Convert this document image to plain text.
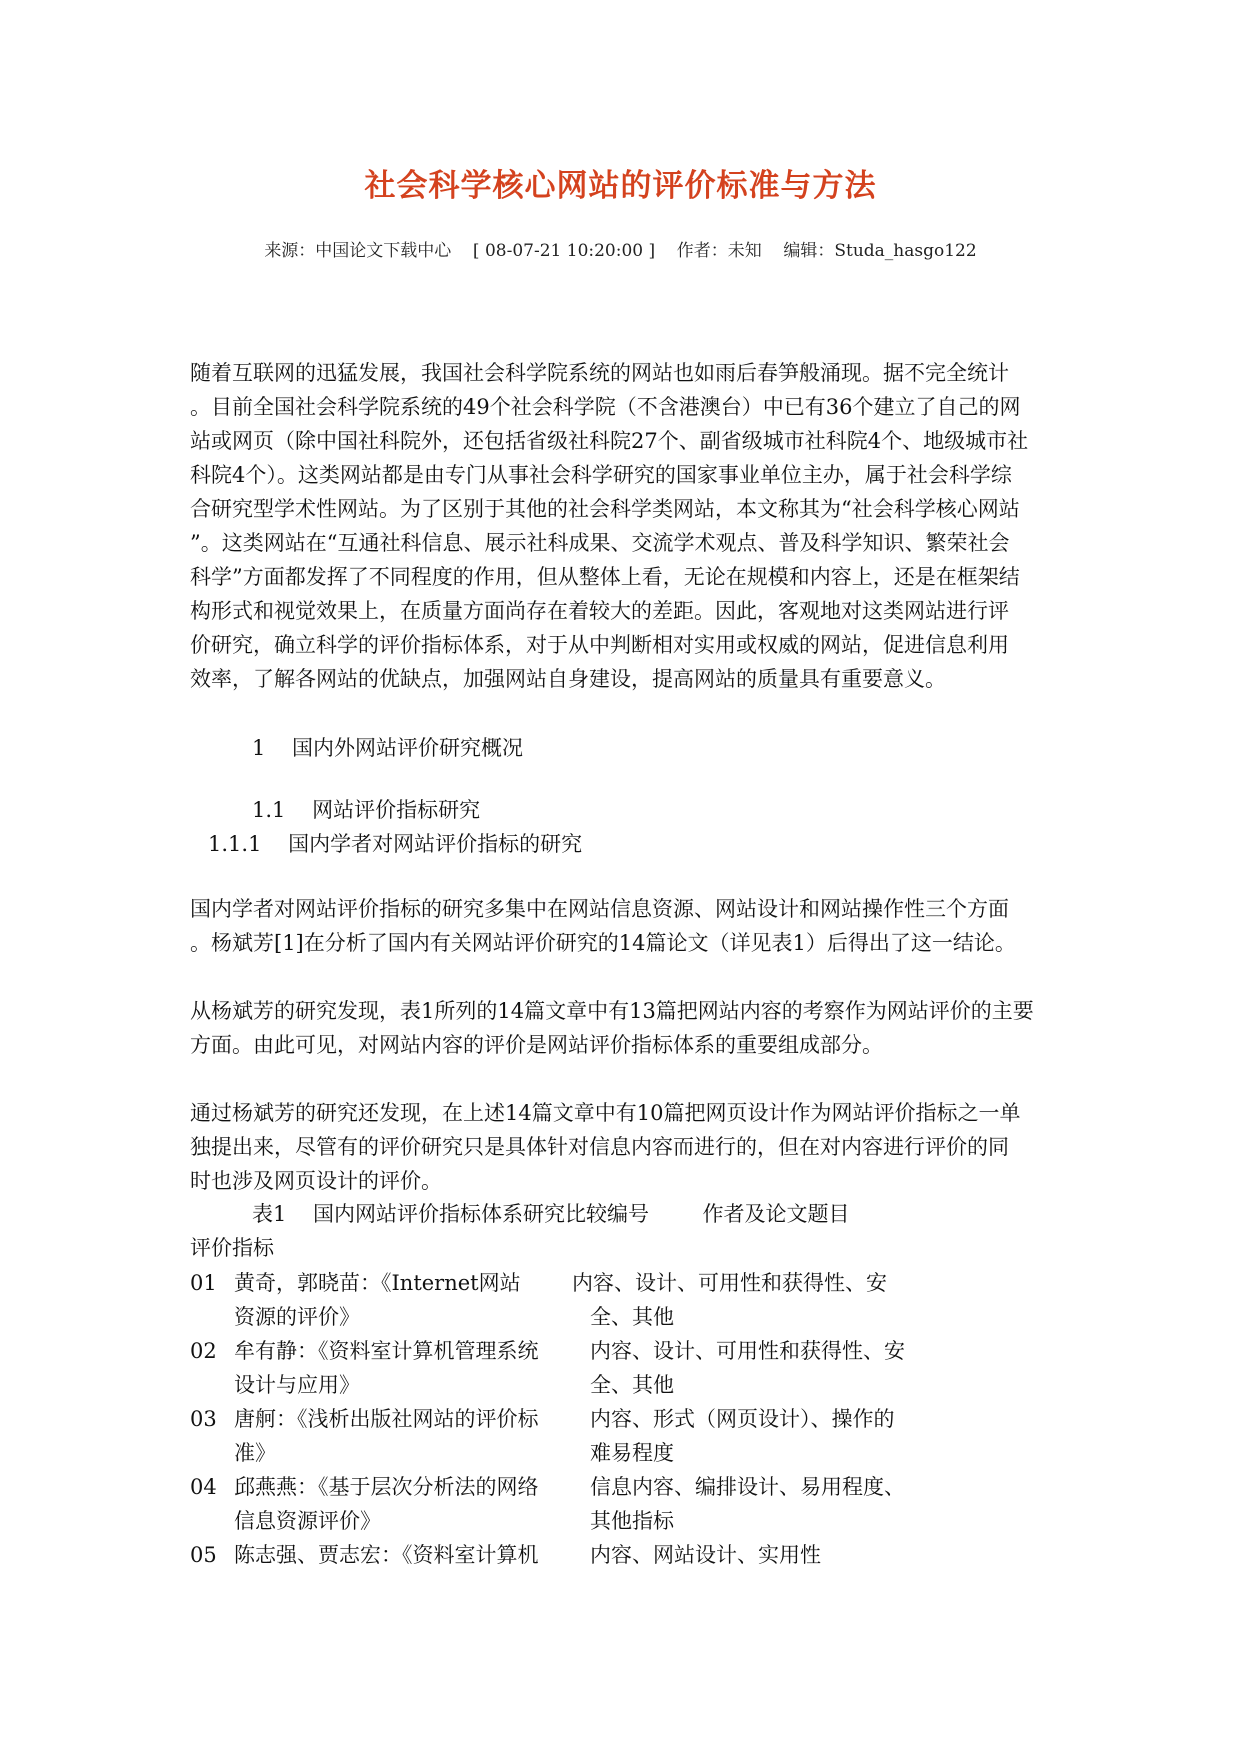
社会科学核心网站的评价标准与方法
来源：中国论文下载中心    [ 08-07-21 10:20:00 ]    作者：未知    编辑：Studa_hasgo122
随着互联网的迅猛发展，我国社会科学院系统的网站也如雨后春笋般涌现。据不完全统计
。目前全国社会科学院系统的49个社会科学院（不含港澳台）中已有36个建立了自己的网
站或网页（除中国社科院外，还包括省级社科院27个、副省级城市社科院4个、地级城市社
科院4个）。这类网站都是由专门从事社会科学研究的国家事业单位主办，属于社会科学综
合研究型学术性网站。为了区别于其他的社会科学类网站，本文称其为“社会科学核心网站
”。这类网站在“互通社科信息、展示社科成果、交流学术观点、普及科学知识、繁荣社会
科学”方面都发挥了不同程度的作用，但从整体上看，无论在规模和内容上，还是在框架结
构形式和视觉效果上，在质量方面尚存在着较大的差距。因此，客观地对这类网站进行评
价研究，确立科学的评价指标体系，对于从中判断相对实用或权威的网站，促进信息利用
效率，了解各网站的优缺点，加强网站自身建设，提高网站的质量具有重要意义。
1    国内外网站评价研究概况
1.1    网站评价指标研究
1.1.1    国内学者对网站评价指标的研究
国内学者对网站评价指标的研究多集中在网站信息资源、网站设计和网站操作性三个方面
。杨斌芳[1]在分析了国内有关网站评价研究的14篇论文（详见表1）后得出了这一结论。
从杨斌芳的研究发现，表1所列的14篇文章中有13篇把网站内容的考察作为网站评价的主要
方面。由此可见，对网站内容的评价是网站评价指标体系的重要组成部分。
通过杨斌芳的研究还发现，在上述14篇文章中有10篇把网页设计作为网站评价指标之一单
独提出来，尽管有的评价研究只是具体针对信息内容而进行的，但在对内容进行评价的同
时也涉及网页设计的评价。
表1    国内网站评价指标体系研究比较编号        作者及论文题目
评价指标
01 黄奇，郭晓苗：《Internet网站
资源的评价》
内容、设计、可用性和获得性、安
全、其他
02 牟有静：《资料室计算机管理系统
设计与应用》
内容、设计、可用性和获得性、安
全、其他
03 唐舸：《浅析出版社网站的评价标
准》
内容、形式（网页设计）、操作的
难易程度
04 邱燕燕：《基于层次分析法的网络
信息资源评价》
信息内容、编排设计、易用程度、
其他指标
05 陈志强、贾志宏：《资料室计算机	内容、网站设计、实用性
